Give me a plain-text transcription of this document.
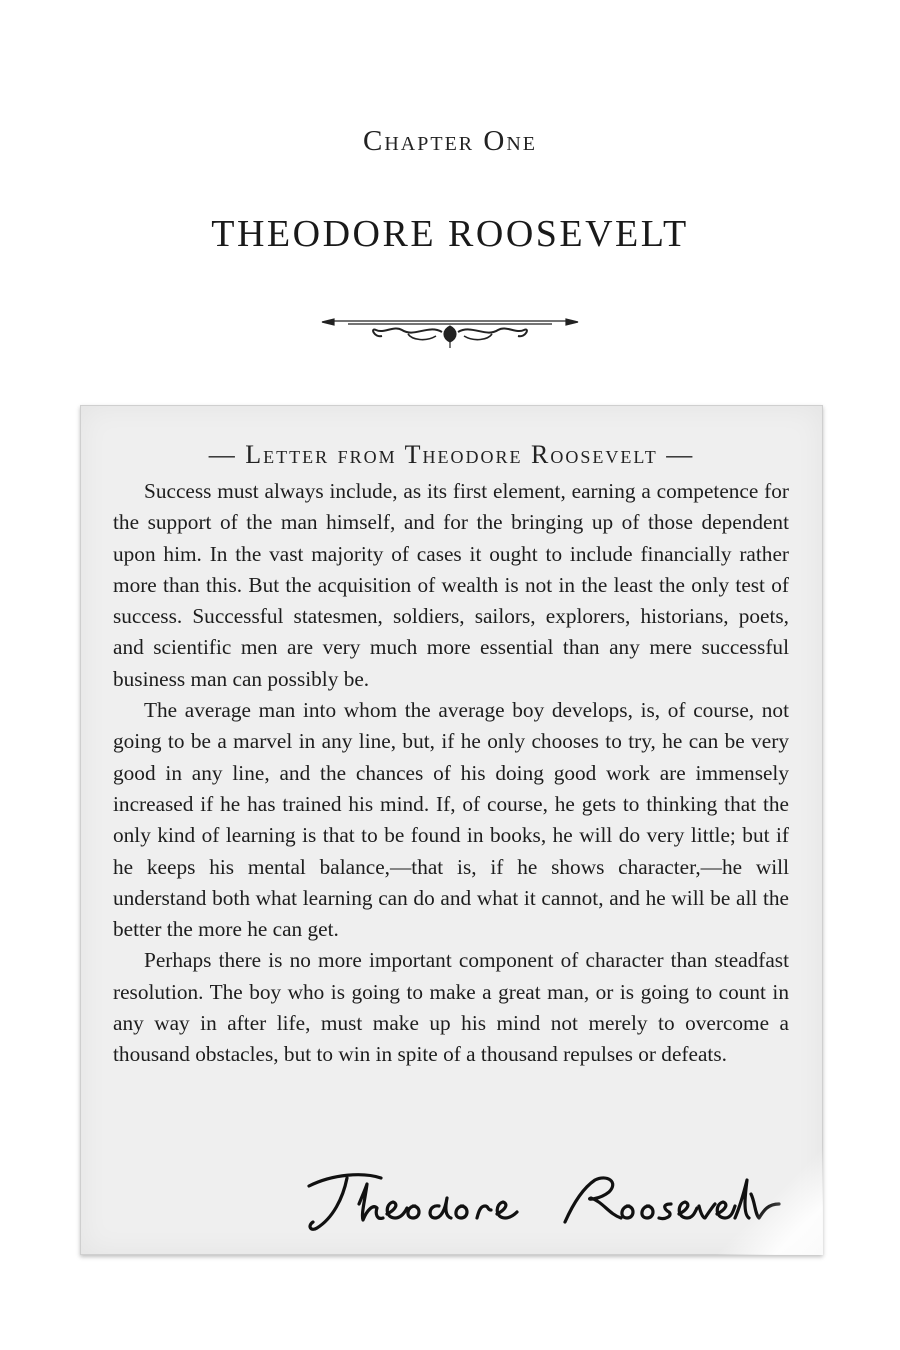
Chapter One
THEODORE ROOSEVELT
— Letter from Theodore Roosevelt —

Success must always include, as its first element, earning a competence for the support of the man himself, and for the bringing up of those dependent upon him. In the vast majority of cases it ought to include financially rather more than this. But the acquisition of wealth is not in the least the only test of success. Successful statesmen, soldiers, sailors, explorers, historians, poets, and scientific men are very much more essential than any mere successful business man can possibly be.

The average man into whom the average boy develops, is, of course, not going to be a marvel in any line, but, if he only chooses to try, he can be very good in any line, and the chances of his doing good work are immensely increased if he has trained his mind. If, of course, he gets to thinking that the only kind of learning is that to be found in books, he will do very little; but if he keeps his mental balance,—that is, if he shows character,—he will understand both what learning can do and what it cannot, and he will be all the better the more he can get.

Perhaps there is no more important component of character than steadfast resolution. The boy who is going to make a great man, or is going to count in any way in after life, must make up his mind not merely to overcome a thousand obstacles, but to win in spite of a thousand repulses or defeats.
